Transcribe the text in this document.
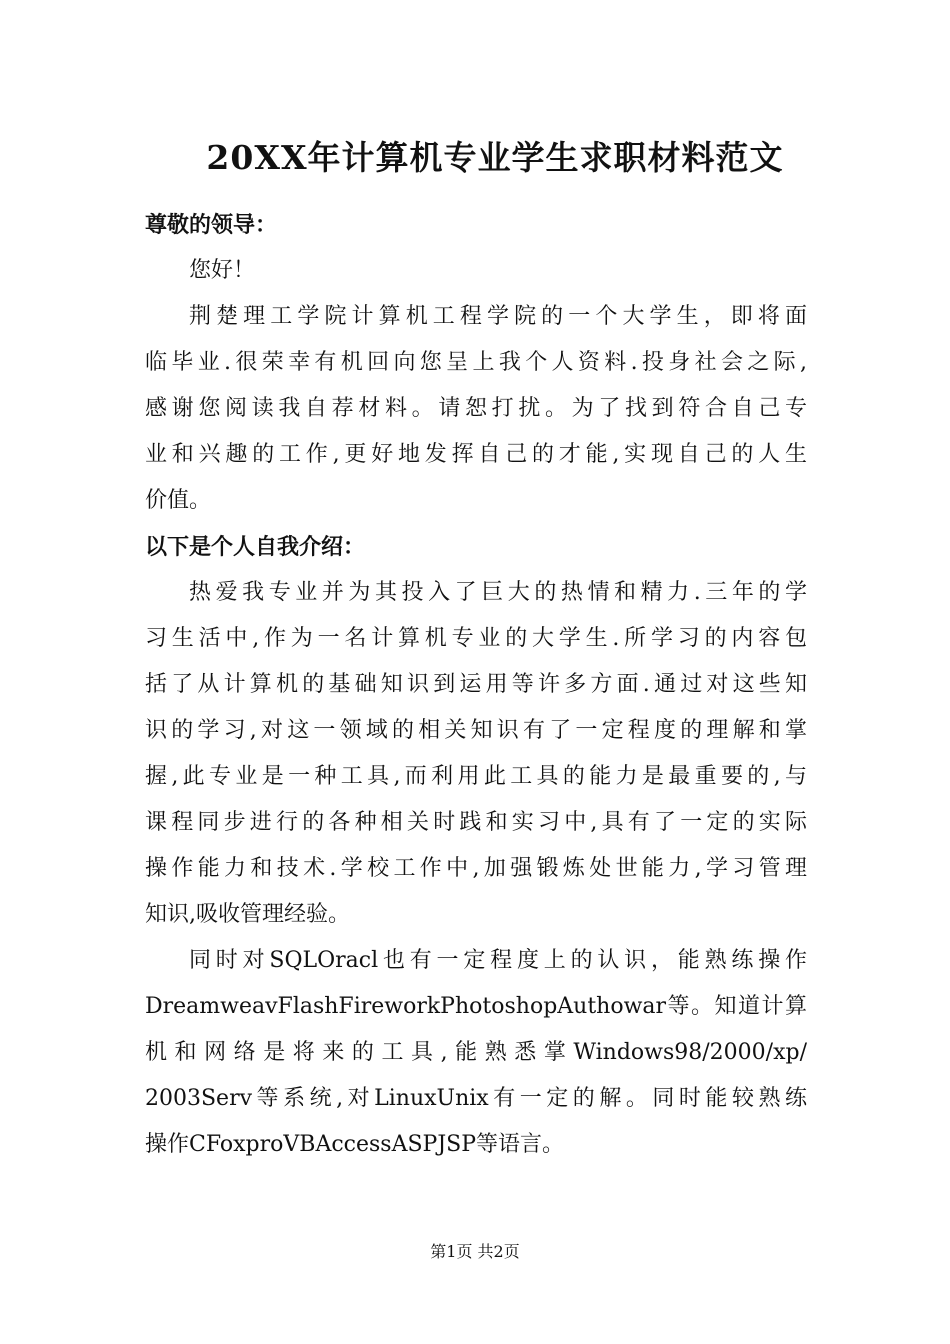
20XX年计算机专业学生求职材料范文
尊敬的领导：
您好！
荆楚理工学院计算机工程学院的一个大学生，即将面
临毕业.很荣幸有机回向您呈上我个人资料.投身社会之际,
感谢您阅读我自荐材料。请恕打扰。为了找到符合自己专
业和兴趣的工作,更好地发挥自己的才能,实现自己的人生
价值。
以下是个人自我介绍：
热爱我专业并为其投入了巨大的热情和精力.三年的学
习生活中,作为一名计算机专业的大学生.所学习的内容包
括了从计算机的基础知识到运用等许多方面.通过对这些知
识的学习,对这一领域的相关知识有了一定程度的理解和掌
握,此专业是一种工具,而利用此工具的能力是最重要的,与
课程同步进行的各种相关时践和实习中,具有了一定的实际
操作能力和技术.学校工作中,加强锻炼处世能力,学习管理
知识,吸收管理经验。
同时对SQLOracl也有一定程度上的认识，能熟练操作
DreamweavFlashFireworkPhotoshopAuthowar等。知道计算
机和网络是将来的工具,能熟悉掌Windows98/2000/xp/
2003Serv等系统,对LinuxUnix有一定的解。同时能较熟练
操作CFoxproVBAccessASPJSP等语言。
第1页 共2页
